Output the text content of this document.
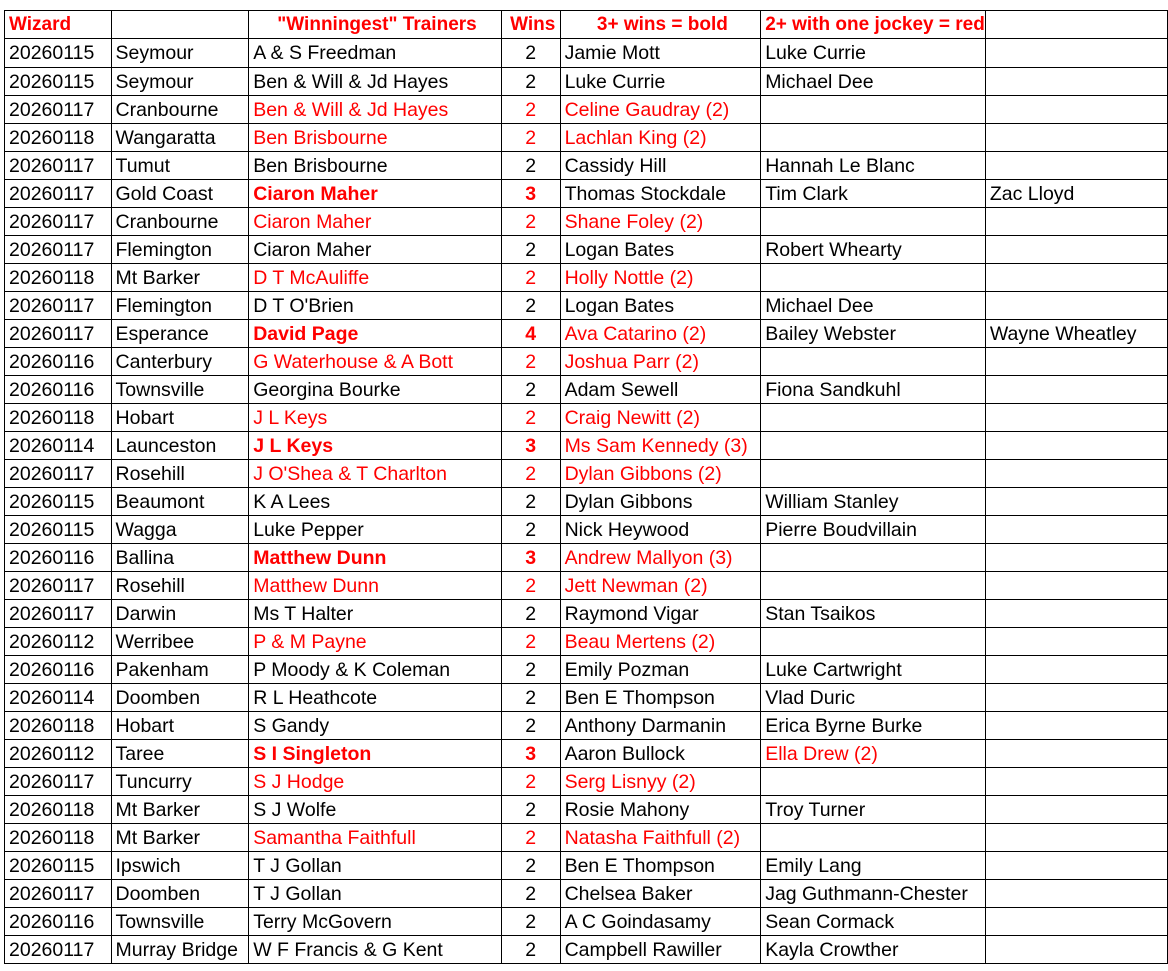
Wizard		"Winningest" Trainers	Wins	3+ wins = bold	2+ with one jockey = red	
20260115	Seymour	A & S Freedman	2	Jamie Mott	Luke Currie	
20260115	Seymour	Ben & Will & Jd Hayes	2	Luke Currie	Michael Dee	
20260117	Cranbourne	Ben & Will & Jd Hayes	2	Celine Gaudray (2)		
20260118	Wangaratta	Ben Brisbourne	2	Lachlan King (2)		
20260117	Tumut	Ben Brisbourne	2	Cassidy Hill	Hannah Le Blanc	
20260117	Gold Coast	Ciaron Maher	3	Thomas Stockdale	Tim Clark	Zac Lloyd
20260117	Cranbourne	Ciaron Maher	2	Shane Foley (2)		
20260117	Flemington	Ciaron Maher	2	Logan Bates	Robert Whearty	
20260118	Mt Barker	D T McAuliffe	2	Holly Nottle (2)		
20260117	Flemington	D T O'Brien	2	Logan Bates	Michael Dee	
20260117	Esperance	David Page	4	Ava Catarino (2)	Bailey Webster	Wayne Wheatley
20260116	Canterbury	G Waterhouse & A Bott	2	Joshua Parr (2)		
20260116	Townsville	Georgina Bourke	2	Adam Sewell	Fiona Sandkuhl	
20260118	Hobart	J L Keys	2	Craig Newitt (2)		
20260114	Launceston	J L Keys	3	Ms Sam Kennedy (3)		
20260117	Rosehill	J O'Shea & T Charlton	2	Dylan Gibbons (2)		
20260115	Beaumont	K A Lees	2	Dylan Gibbons	William Stanley	
20260115	Wagga	Luke Pepper	2	Nick Heywood	Pierre Boudvillain	
20260116	Ballina	Matthew Dunn	3	Andrew Mallyon (3)		
20260117	Rosehill	Matthew Dunn	2	Jett Newman (2)		
20260117	Darwin	Ms T Halter	2	Raymond Vigar	Stan Tsaikos	
20260112	Werribee	P & M Payne	2	Beau Mertens (2)		
20260116	Pakenham	P Moody & K Coleman	2	Emily Pozman	Luke Cartwright	
20260114	Doomben	R L Heathcote	2	Ben E Thompson	Vlad Duric	
20260118	Hobart	S Gandy	2	Anthony Darmanin	Erica Byrne Burke	
20260112	Taree	S I Singleton	3	Aaron Bullock	Ella Drew (2)	
20260117	Tuncurry	S J Hodge	2	Serg Lisnyy (2)		
20260118	Mt Barker	S J Wolfe	2	Rosie Mahony	Troy Turner	
20260118	Mt Barker	Samantha Faithfull	2	Natasha Faithfull (2)		
20260115	Ipswich	T J Gollan	2	Ben E Thompson	Emily Lang	
20260117	Doomben	T J Gollan	2	Chelsea Baker	Jag Guthmann-Chester	
20260116	Townsville	Terry McGovern	2	A C Goindasamy	Sean Cormack	
20260117	Murray Bridge	W F Francis & G Kent	2	Campbell Rawiller	Kayla Crowther	
